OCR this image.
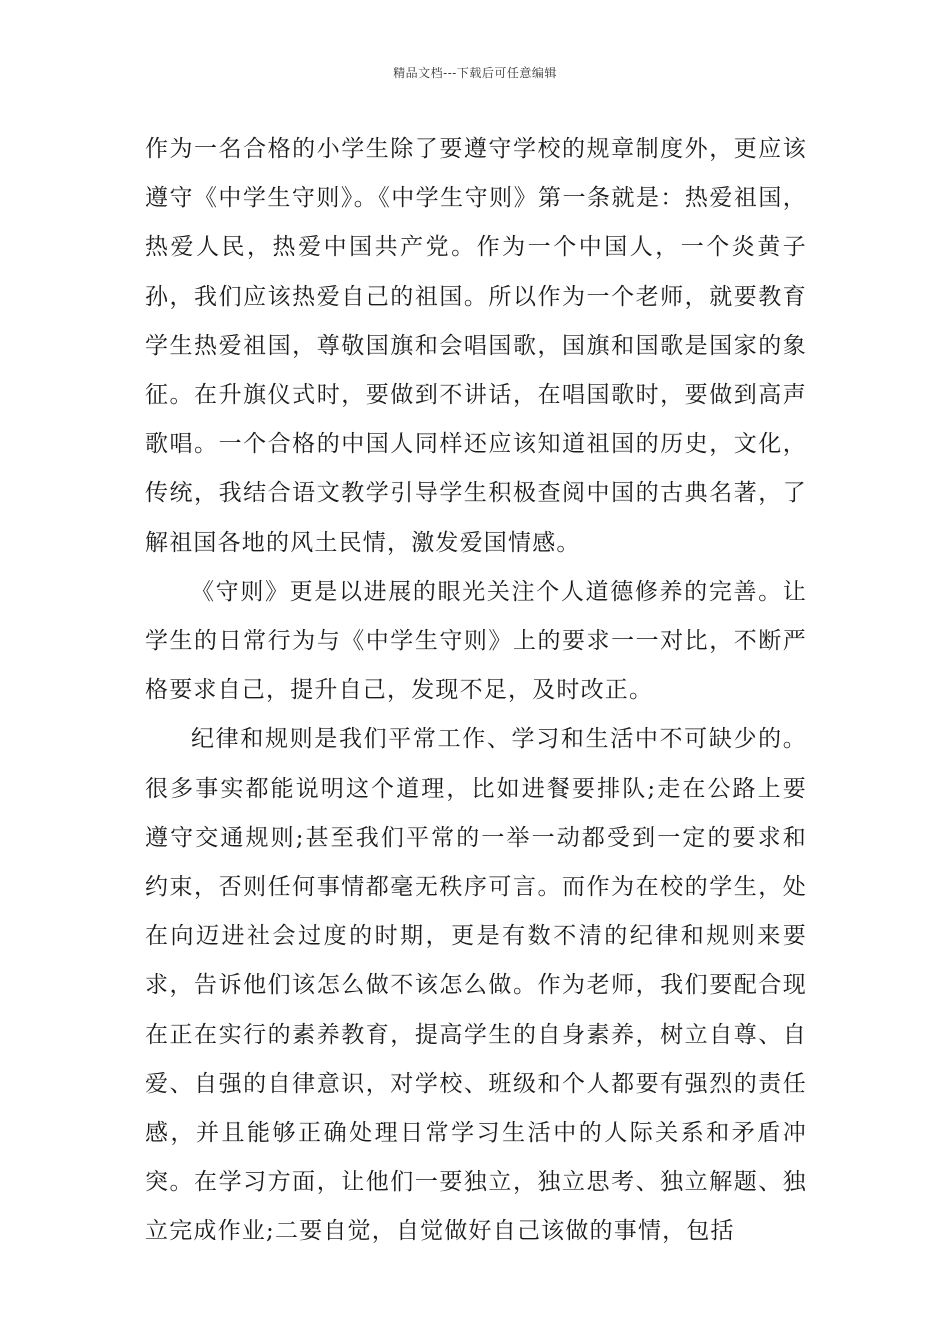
精品文档---下载后可任意编辑

作为一名合格的小学生除了要遵守学校的规章制度外，更应该遵守《中学生守则》。《中学生守则》第一条就是：热爱祖国，热爱人民，热爱中国共产党。作为一个中国人，一个炎黄子孙，我们应该热爱自己的祖国。所以作为一个老师，就要教育学生热爱祖国，尊敬国旗和会唱国歌，国旗和国歌是国家的象征。在升旗仪式时，要做到不讲话，在唱国歌时，要做到高声歌唱。一个合格的中国人同样还应该知道祖国的历史，文化，传统，我结合语文教学引导学生积极查阅中国的古典名著，了解祖国各地的风土民情，激发爱国情感。

《守则》更是以进展的眼光关注个人道德修养的完善。让学生的日常行为与《中学生守则》上的要求一一对比，不断严格要求自己，提升自己，发现不足，及时改正。

纪律和规则是我们平常工作、学习和生活中不可缺少的。很多事实都能说明这个道理，比如进餐要排队;走在公路上要遵守交通规则;甚至我们平常的一举一动都受到一定的要求和约束，否则任何事情都毫无秩序可言。而作为在校的学生，处在向迈进社会过度的时期，更是有数不清的纪律和规则来要求，告诉他们该怎么做不该怎么做。作为老师，我们要配合现在正在实行的素养教育，提高学生的自身素养，树立自尊、自爱、自强的自律意识，对学校、班级和个人都要有强烈的责任感，并且能够正确处理日常学习生活中的人际关系和矛盾冲突。在学习方面，让他们一要独立，独立思考、独立解题、独立完成作业;二要自觉，自觉做好自己该做的事情，包括
